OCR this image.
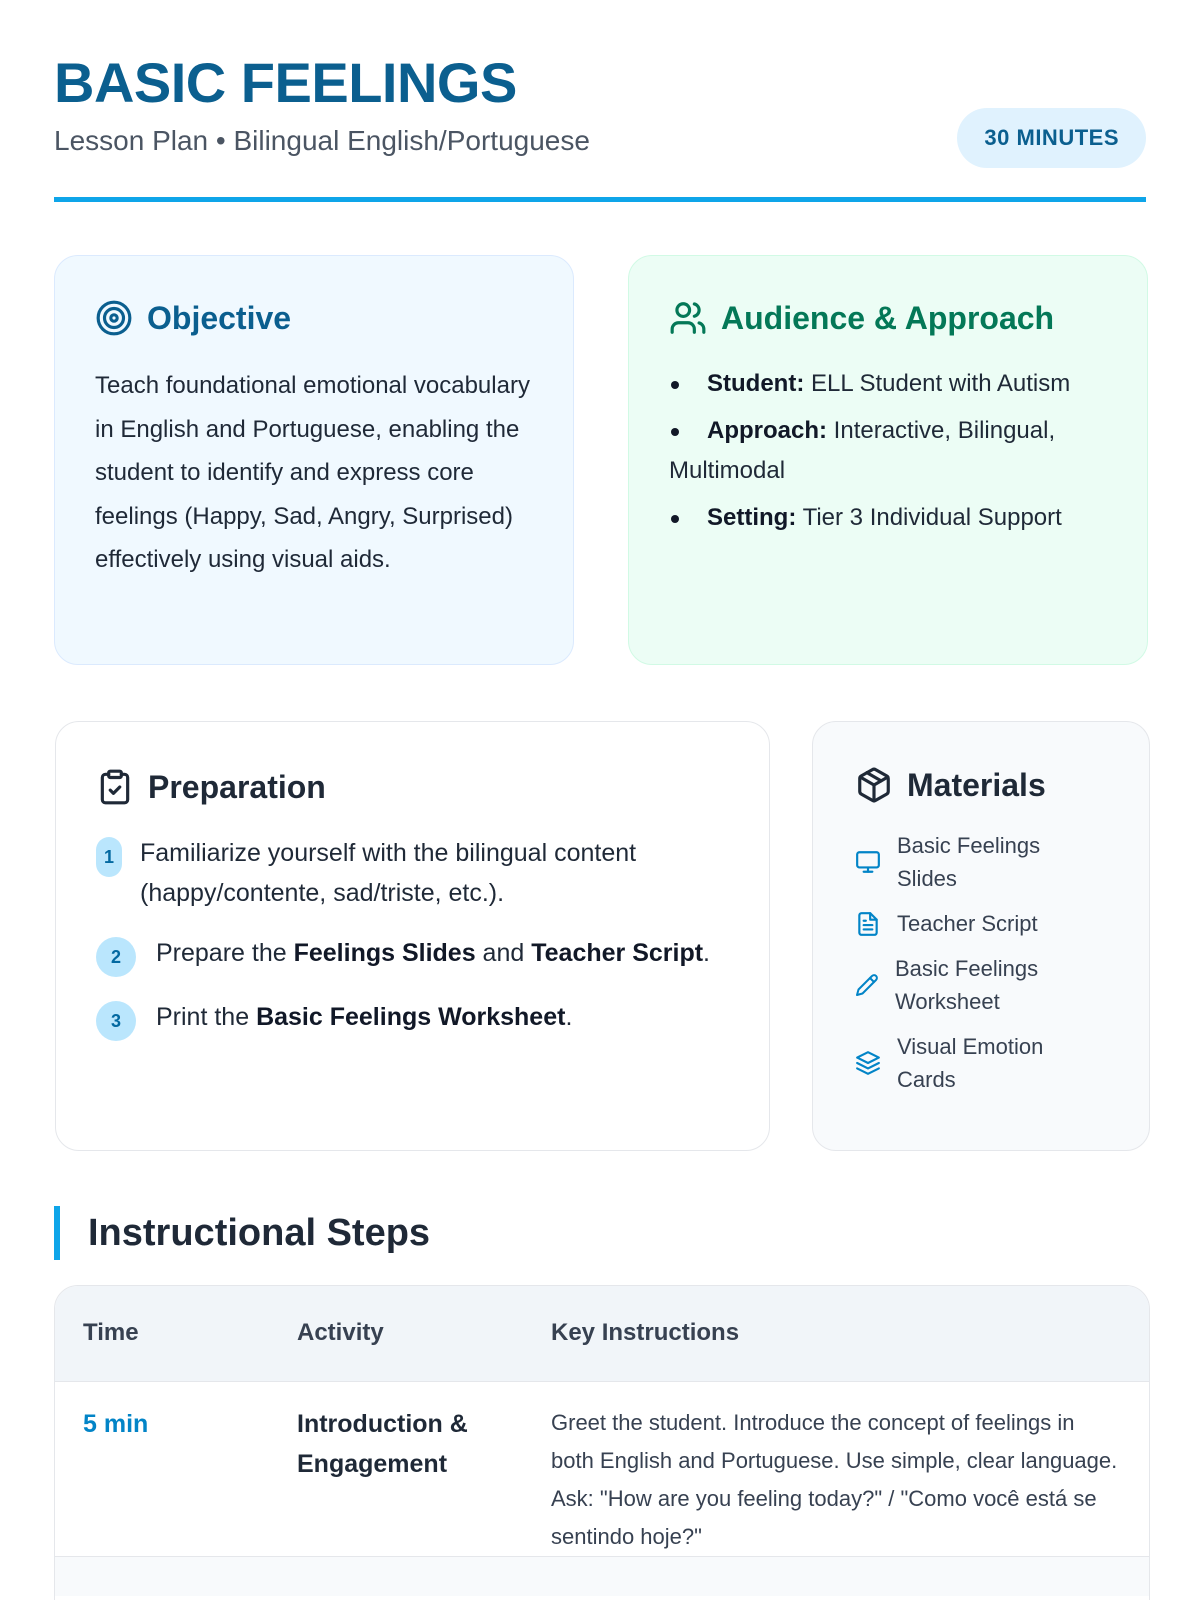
BASIC FEELINGS
Lesson Plan • Bilingual English/Portuguese	30 MINUTES
Objective

Teach foundational emotional vocabulary in English and Portuguese, enabling the student to identify and express core feelings (Happy, Sad, Angry, Surprised) effectively using visual aids.

Audience & Approach
Student: ELL Student with Autism
Approach: Interactive, Bilingual, Multimodal
Setting: Tier 3 Individual Support
Preparation
1	Familiarize yourself with the bilingual content (happy/contente, sad/triste, etc.).
2	Prepare the Feelings Slides and Teacher Script.
3	Print the Basic Feelings Worksheet.
Materials
Basic Feelings Slides
Teacher Script
Basic Feelings Worksheet
Visual Emotion Cards
Instructional Steps
Time	Activity	Key Instructions
5 min	Introduction & Engagement	Greet the student. Introduce the concept of feelings in both English and Portuguese. Use simple, clear language. Ask: "How are you feeling today?" / "Como você está se sentindo hoje?"
